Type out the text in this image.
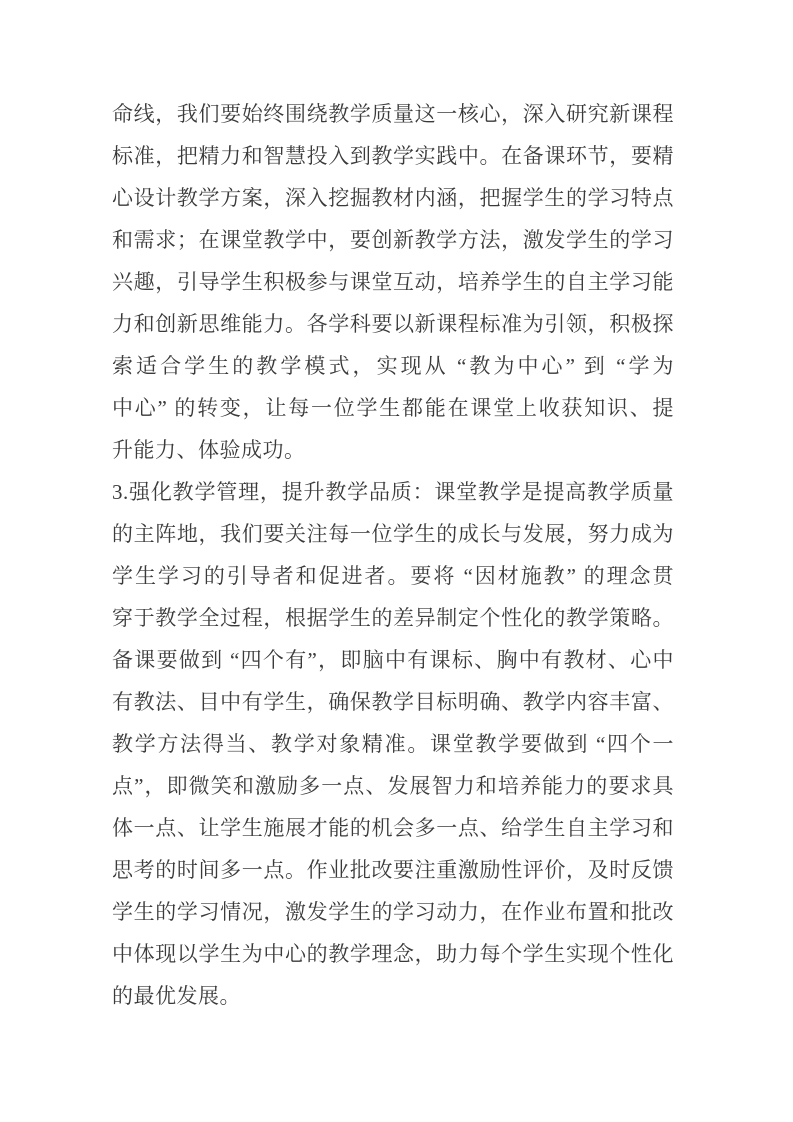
命线，我们要始终围绕教学质量这一核心，深入研究新课程
标准，把精力和智慧投入到教学实践中。在备课环节，要精
心设计教学方案，深入挖掘教材内涵，把握学生的学习特点
和需求；在课堂教学中，要创新教学方法，激发学生的学习
兴趣，引导学生积极参与课堂互动，培养学生的自主学习能
力和创新思维能力。各学科要以新课程标准为引领，积极探
索适合学生的教学模式，实现从 “教为中心” 到 “学为
中心” 的转变，让每一位学生都能在课堂上收获知识、提
升能力、体验成功。
3.强化教学管理，提升教学品质：课堂教学是提高教学质量
的主阵地，我们要关注每一位学生的成长与发展，努力成为
学生学习的引导者和促进者。要将 “因材施教” 的理念贯
穿于教学全过程，根据学生的差异制定个性化的教学策略。
备课要做到 “四个有”，即脑中有课标、胸中有教材、心中
有教法、目中有学生，确保教学目标明确、教学内容丰富、
教学方法得当、教学对象精准。课堂教学要做到 “四个一
点”，即微笑和激励多一点、发展智力和培养能力的要求具
体一点、让学生施展才能的机会多一点、给学生自主学习和
思考的时间多一点。作业批改要注重激励性评价，及时反馈
学生的学习情况，激发学生的学习动力，在作业布置和批改
中体现以学生为中心的教学理念，助力每个学生实现个性化
的最优发展。
